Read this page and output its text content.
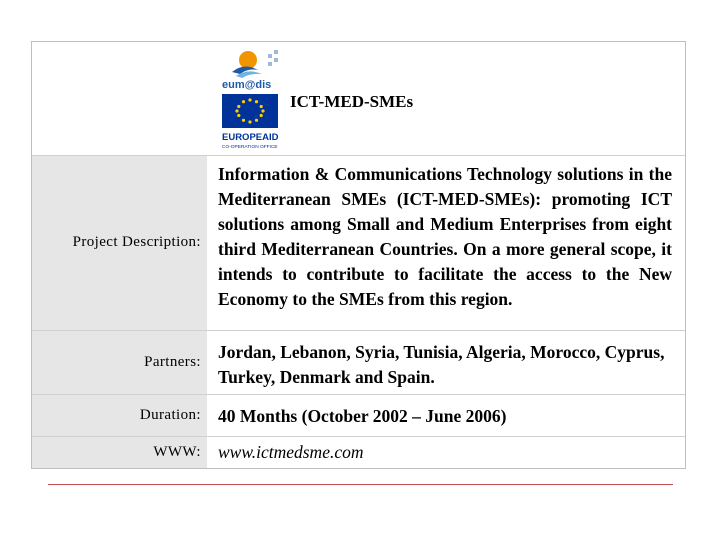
eum@dis
EUROPEAID
CO-OPERATION OFFICE
ICT-MED-SMEs
Project Description:
Information & Communications Technology solutions in the Mediterranean SMEs (ICT-MED-SMEs): promoting ICT solutions among Small and Medium Enterprises from eight third Mediterranean Countries. On a more general scope, it intends to contribute to facilitate the access to the New Economy to the SMEs from this region.
Partners: Jordan, Lebanon, Syria, Tunisia, Algeria, Morocco, Cyprus, Turkey, Denmark and Spain.
Duration: 40 Months (October 2002 – June 2006)
WWW: www.ictmedsme.com
